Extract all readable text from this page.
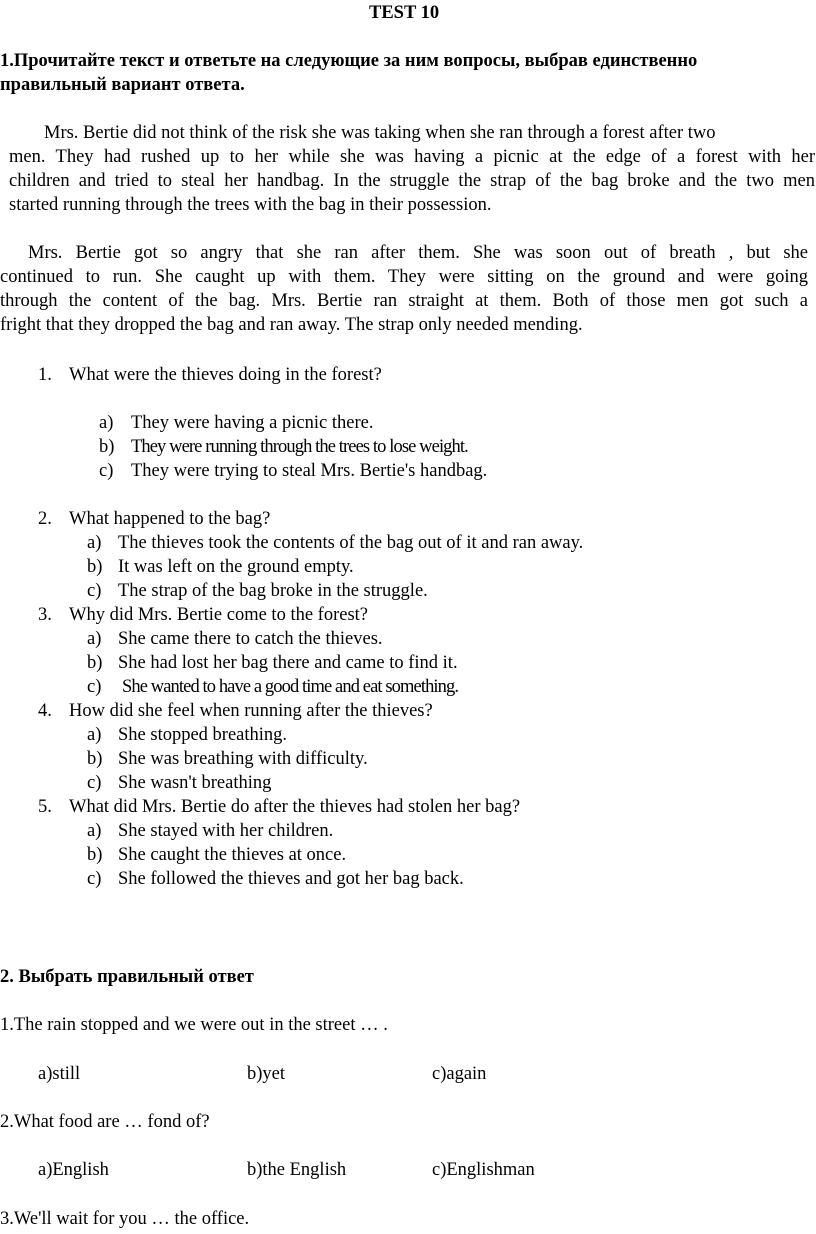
TEST 10
1.Прочитайте текст и ответьте на следующие за ним вопросы, выбрав единственно
правильный вариант ответа.
Mrs. Bertie did not think of the risk she was taking when she ran through a forest after two
men. They had rushed up to her while she was having a picnic at the edge of a forest with her
children and tried to steal her handbag. In the struggle the strap of the bag broke and the two men
started running through the trees with the bag in their possession.
Mrs. Bertie got so angry that she ran after them. She was soon out of breath , but she
continued to run. She caught up with them. They were sitting on the ground and were going
through the content of the bag. Mrs. Bertie ran straight at them. Both of those men got such a
fright that they dropped the bag and ran away. The strap only needed mending.
1. What were the thieves doing in the forest?
a) They were having a picnic there.
b) They were running through the trees to lose weight.
c) They were trying to steal Mrs. Bertie's handbag.
2. What happened to the bag?
a) The thieves took the contents of the bag out of it and ran away.
b) It was left on the ground empty.
c) The strap of the bag broke in the struggle.
3. Why did Mrs. Bertie come to the forest?
a) She came there to catch the thieves.
b) She had lost her bag there and came to find it.
c) She wanted to have a good time and eat something.
4. How did she feel when running after the thieves?
a) She stopped breathing.
b) She was breathing with difficulty.
c) She wasn't breathing
5. What did Mrs. Bertie do after the thieves had stolen her bag?
a) She stayed with her children.
b) She caught the thieves at once.
c) She followed the thieves and got her bag back.
2. Выбрать правильный ответ
1.The rain stopped and we were out in the street … .
a)still	b)yet	c)again
2.What food are … fond of?
a)English	b)the English	c)Englishman
3.We'll wait for you … the office.
